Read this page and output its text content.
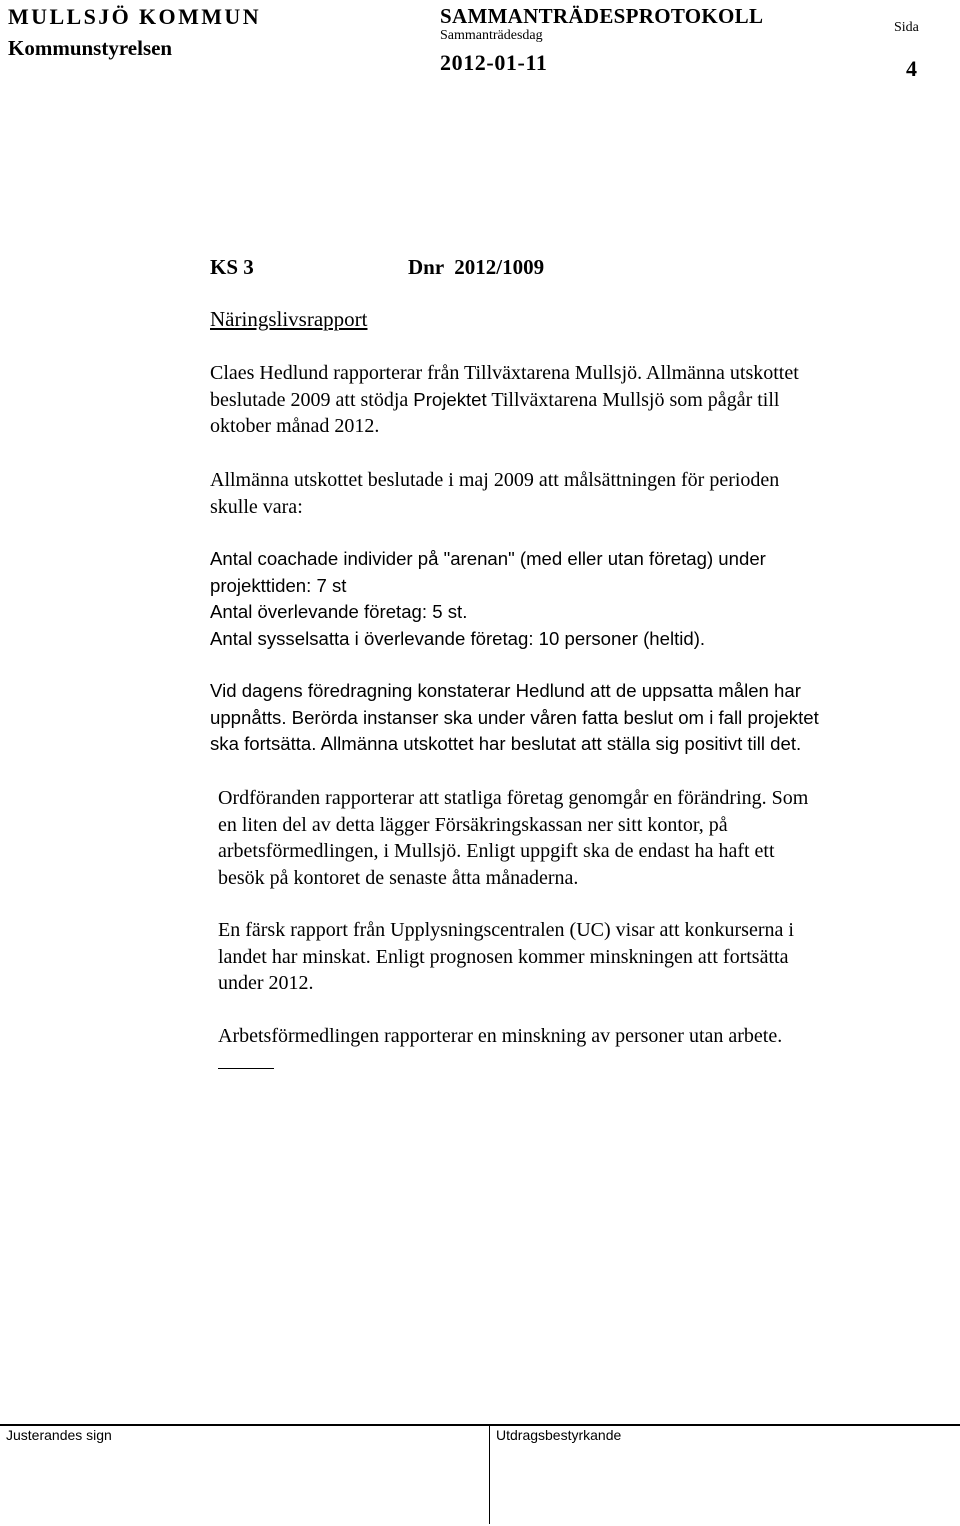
MULLSJÖ KOMMUN
Kommunstyrelsen
SAMMANTRÄDESPROTOKOLL
Sammanträdesdag
2012-01-11
Sida
4
KS 3	Dnr  2012/1009
Näringslivsrapport
Claes Hedlund rapporterar från Tillväxtarena Mullsjö. Allmänna utskottet
beslutade 2009 att stödja Projektet Tillväxtarena Mullsjö som pågår till
oktober månad 2012.
Allmänna utskottet beslutade i maj 2009 att målsättningen för perioden
skulle vara:
Antal coachade individer på "arenan" (med eller utan företag) under
projekttiden: 7 st
Antal överlevande företag: 5 st.
Antal sysselsatta i överlevande företag: 10 personer (heltid).
Vid dagens föredragning konstaterar Hedlund att de uppsatta målen har
uppnåtts. Berörda instanser ska under våren fatta beslut om i fall projektet
ska fortsätta. Allmänna utskottet har beslutat att ställa sig positivt till det.
Ordföranden rapporterar att statliga företag genomgår en förändring. Som
en liten del av detta lägger Försäkringskassan ner sitt kontor, på
arbetsförmedlingen, i Mullsjö. Enligt uppgift ska de endast ha haft ett
besök på kontoret de senaste åtta månaderna.
En färsk rapport från Upplysningscentralen (UC) visar att konkurserna i
landet har minskat. Enligt prognosen kommer minskningen att fortsätta
under 2012.
Arbetsförmedlingen rapporterar en minskning av personer utan arbete.
Justerandes sign	Utdragsbestyrkande
